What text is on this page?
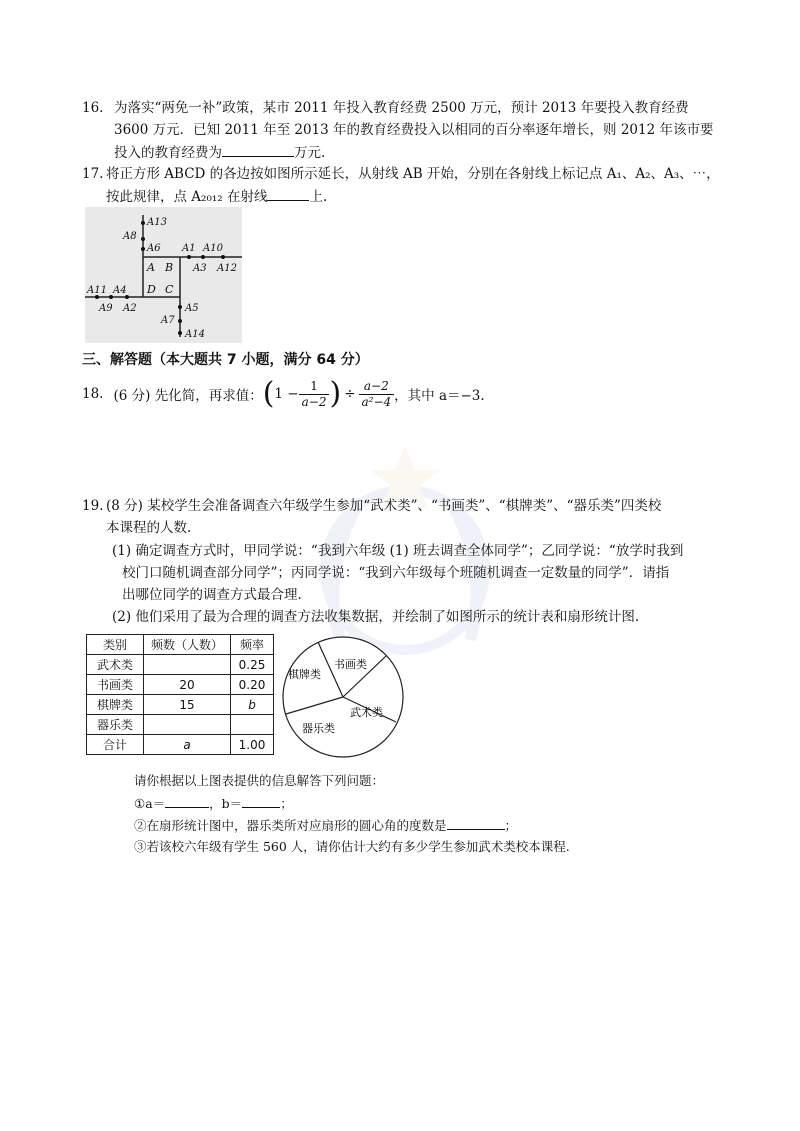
16. 为落实“两免一补”政策，某市 2011 年投入教育经费 2500 万元，预计 2013 年要投入教育经费
3600 万元．已知 2011 年至 2013 年的教育经费投入以相同的百分率逐年增长，则 2012 年该市要
投入的教育经费为	万元.
17. 将正方形 ABCD 的各边按如图所示延长，从射线 AB 开始，分别在各射线上标记点 A₁、A₂、A₃、⋯，
按此规律，点 A₂₀₁₂ 在射线	上.
A13
A8
A6 A1 A10
A3 A12
A B
D C
A11 A4
A9 A2	A5
A7
A14
三、解答题（本大题共 7 小题，满分 64 分）
18. (6 分) 先化简，再求值： ( $1 - \frac{1}{a-2}$ ) ÷ $\frac{a-2}{\text{a²−4}}$ ，其中 a＝−3.
19. (8 分) 某校学生会准备调查六年级学生参加“武术类”、“书画类”、“棋牌类”、“器乐类”四类校
本课程的人数.
(1) 确定调查方式时，甲同学说：“我到六年级 (1) 班去调查全体同学”；乙同学说：“放学时我到
校门口随机调查部分同学”；丙同学说：“我到六年级每个班随机调查一定数量的同学”．请指
出哪位同学的调查方式最合理.
(2) 他们采用了最为合理的调查方法收集数据，并绘制了如图所示的统计表和扇形统计图.
类别	频数（人数）	频率
武术类		0.25
书画类	20	0.20
棋牌类	15	b
器乐类		
合计	a	1.00
棋牌类
书画类
武术类
器乐类
请你根据以上图表提供的信息解答下列问题：
①a＝	，b＝	；
②在扇形统计图中，器乐类所对应扇形的圆心角的度数是	；
③若该校六年级有学生 560 人，请你估计大约有多少学生参加武术类校本课程.
